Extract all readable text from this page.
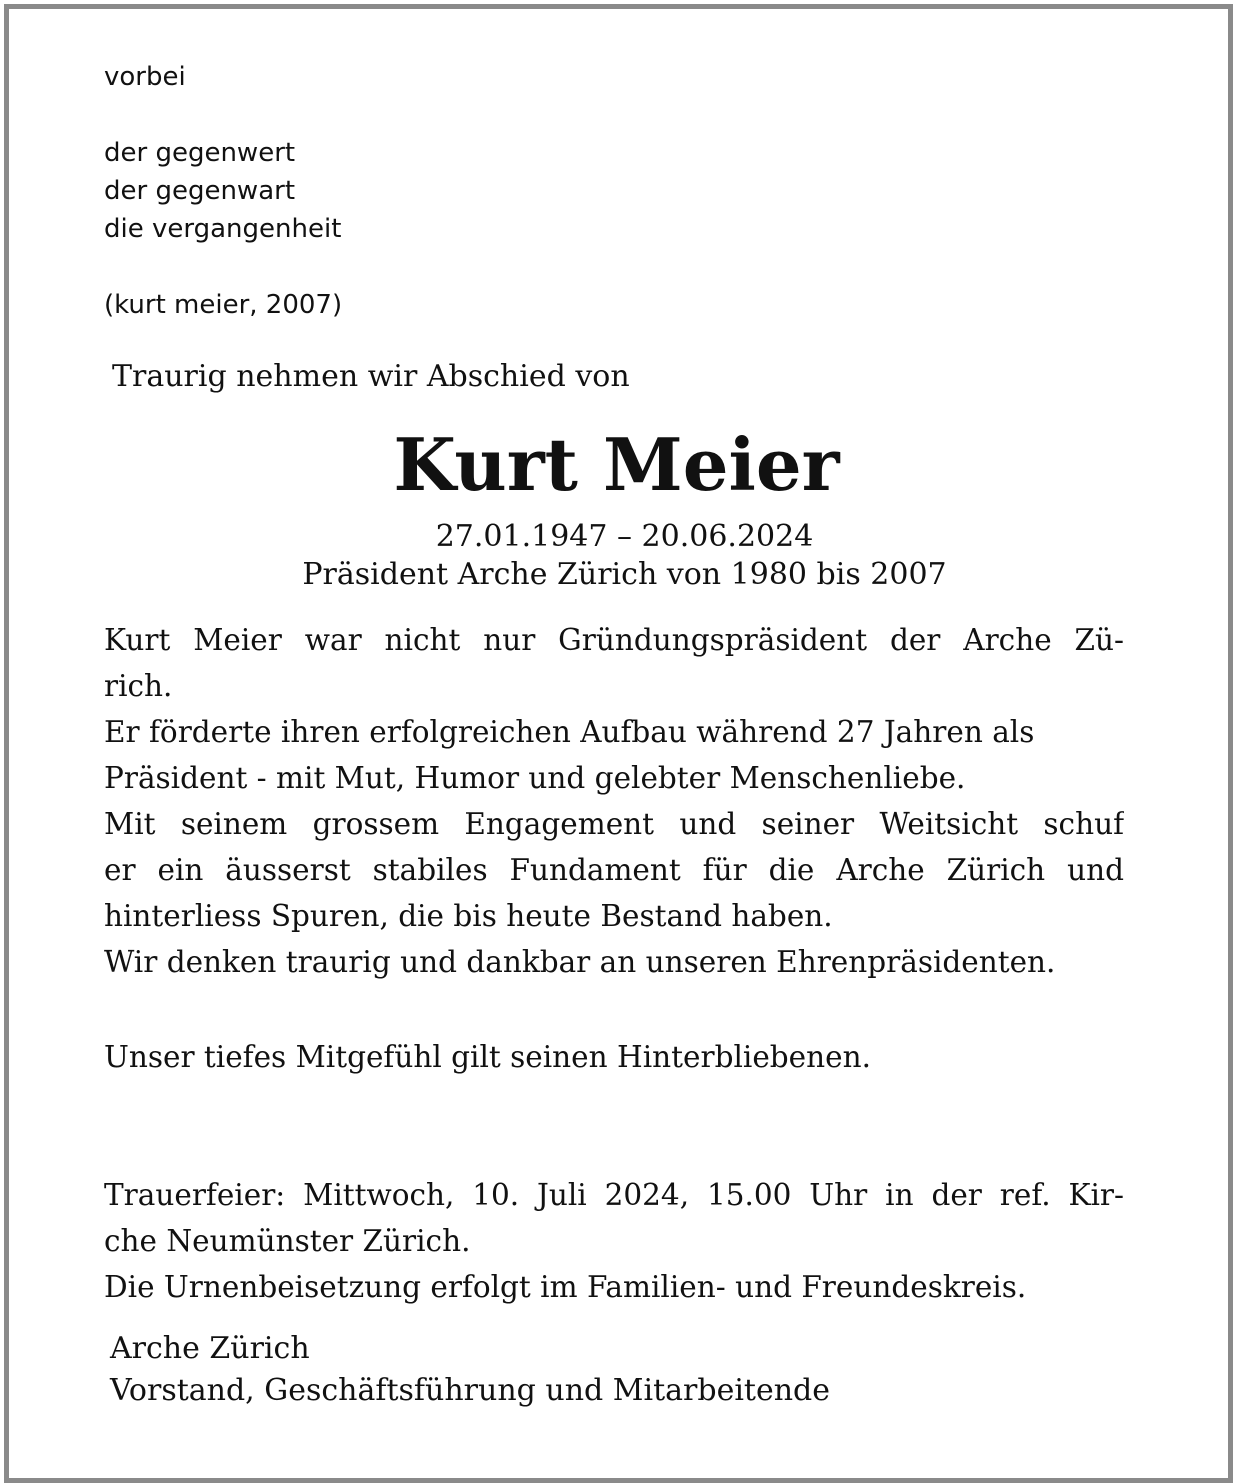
vorbei
der gegenwert
der gegenwart
die vergangenheit
(kurt meier, 2007)
Traurig nehmen wir Abschied von
Kurt Meier
27.01.1947 – 20.06.2024
Präsident Arche Zürich von 1980 bis 2007
Kurt Meier war nicht nur Gründungspräsident der Arche Zü-
rich.
Er förderte ihren erfolgreichen Aufbau während 27 Jahren als
Präsident - mit Mut, Humor und gelebter Menschenliebe.
Mit seinem grossem Engagement und seiner Weitsicht schuf
er ein äusserst stabiles Fundament für die Arche Zürich und
hinterliess Spuren, die bis heute Bestand haben.
Wir denken traurig und dankbar an unseren Ehrenpräsidenten.
Unser tiefes Mitgefühl gilt seinen Hinterbliebenen.
Trauerfeier: Mittwoch, 10. Juli 2024, 15.00 Uhr in der ref. Kir-
che Neumünster Zürich.
Die Urnenbeisetzung erfolgt im Familien- und Freundeskreis.
Arche Zürich
Vorstand, Geschäftsführung und Mitarbeitende
